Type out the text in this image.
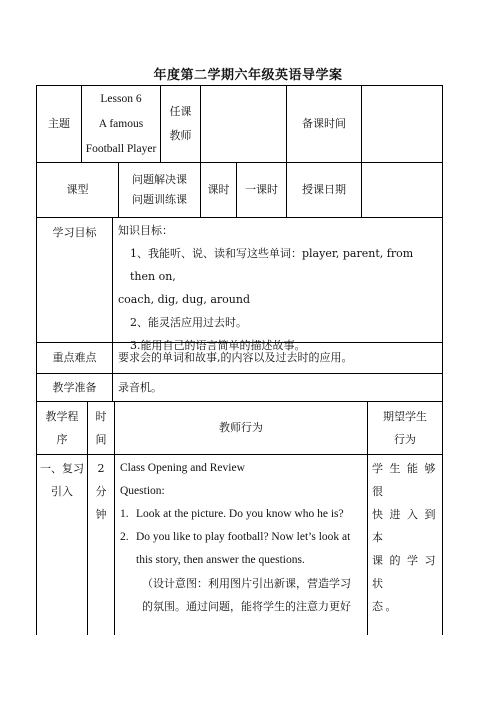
年度第二学期六年级英语导学案
主题
Lesson 6
A famous
Football Player
任课
教师
备课时间
课型
问题解决课
问题训练课
课时 一课时 授课日期
学习目标	知识目标：

1、我能听、说、读和写这些单词：player, parent, from then on,

coach, dig, dug, around

2、能灵活应用过去时。

3.能用自己的语言简单的描述故事。

重点难点 要求会的单词和故事,的内容以及过去时的应用。
教学准备 录音机。
教学程
序
时
间
教师行为
期望学生
行为

一、复习

引入

2

分

钟

Class Opening and Review

Question:

1. Look at the picture. Do you know who he is?

2. Do you like to play football? Now let’s look at

this story, then answer the questions.

（设计意图：利用图片引出新课，营造学习

的氛围。通过问题，能将学生的注意力更好

学生能够很

快进入到本

课的学习状

态。
